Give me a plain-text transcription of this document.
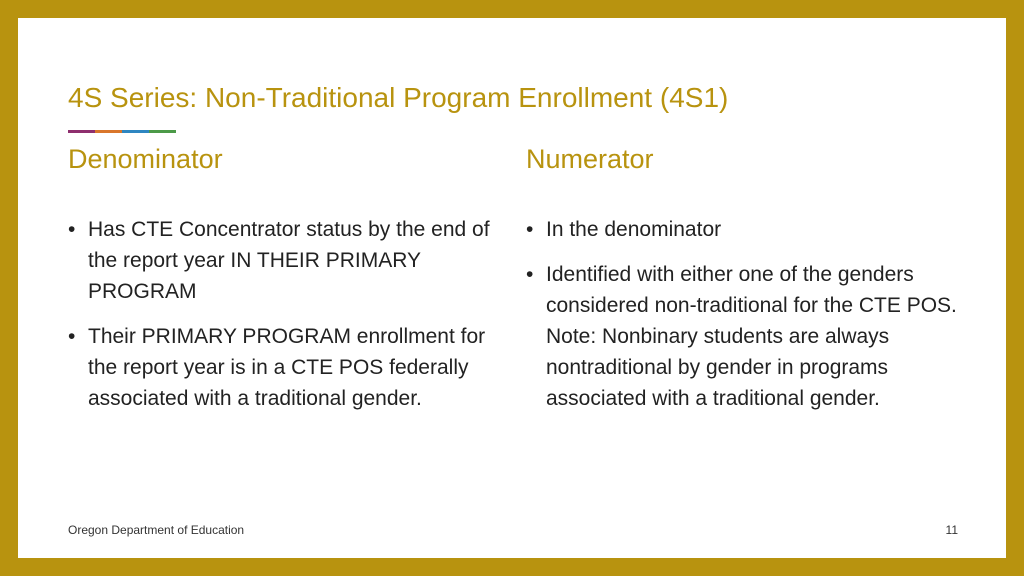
4S Series: Non-Traditional Program Enrollment (4S1)
Denominator	Numerator
• Has CTE Concentrator status by the end of the report year IN THEIR PRIMARY PROGRAM
• Their PRIMARY PROGRAM enrollment for the report year is in a CTE POS federally associated with a traditional gender.
• In the denominator
• Identified with either one of the genders considered non-traditional for the CTE POS. Note: Nonbinary students are always nontraditional by gender in programs associated with a traditional gender.
Oregon Department of Education	11
